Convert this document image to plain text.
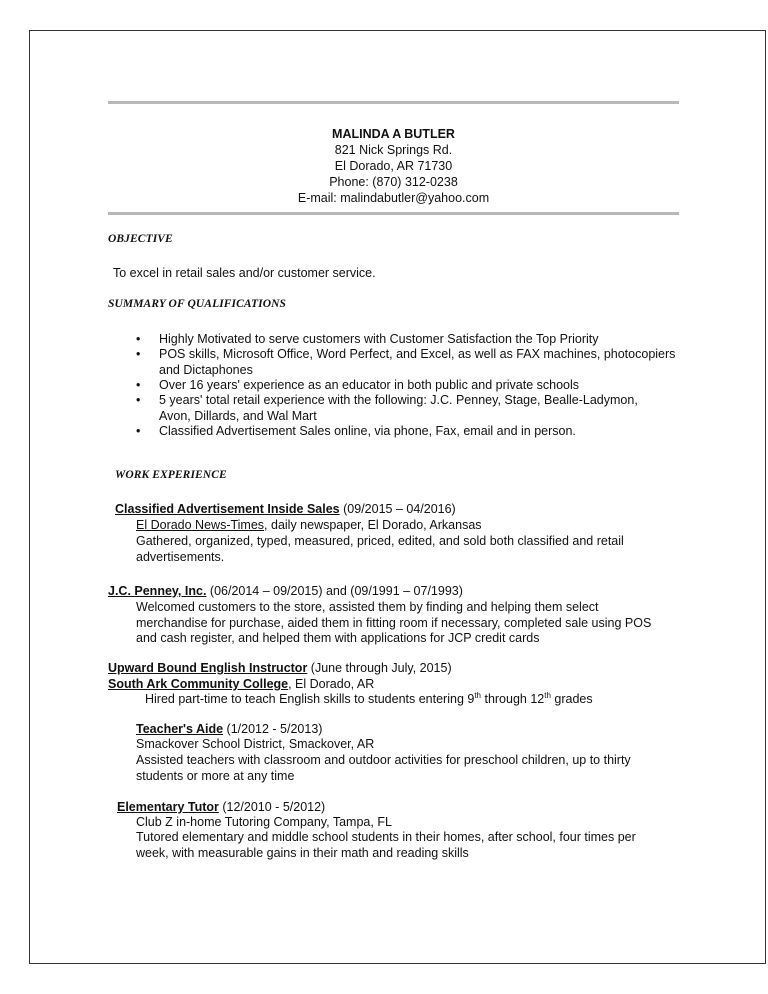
MALINDA A BUTLER
821 Nick Springs Rd.
El Dorado, AR 71730
Phone: (870) 312-0238
E-mail: malindabutler@yahoo.com
OBJECTIVE
To excel in retail sales and/or customer service.
SUMMARY OF QUALIFICATIONS
• Highly Motivated to serve customers with Customer Satisfaction the Top Priority
• POS skills, Microsoft Office, Word Perfect, and Excel, as well as FAX machines, photocopiers and Dictaphones
• Over 16 years' experience as an educator in both public and private schools
• 5 years' total retail experience with the following: J.C. Penney, Stage, Bealle-Ladymon, Avon, Dillards, and Wal Mart
• Classified Advertisement Sales online, via phone, Fax, email and in person.
WORK EXPERIENCE
Classified Advertisement Inside Sales (09/2015 – 04/2016)
El Dorado News-Times, daily newspaper, El Dorado, Arkansas
Gathered, organized, typed, measured, priced, edited, and sold both classified and retail advertisements.
J.C. Penney, Inc. (06/2014 – 09/2015) and (09/1991 – 07/1993)
Welcomed customers to the store, assisted them by finding and helping them select merchandise for purchase, aided them in fitting room if necessary, completed sale using POS and cash register, and helped them with applications for JCP credit cards
Upward Bound English Instructor (June through July, 2015)
South Ark Community College, El Dorado, AR
Hired part-time to teach English skills to students entering 9th through 12th grades
Teacher's Aide (1/2012 - 5/2013)
Smackover School District, Smackover, AR
Assisted teachers with classroom and outdoor activities for preschool children, up to thirty students or more at any time
Elementary Tutor (12/2010 - 5/2012)
Club Z in-home Tutoring Company, Tampa, FL
Tutored elementary and middle school students in their homes, after school, four times per week, with measurable gains in their math and reading skills
